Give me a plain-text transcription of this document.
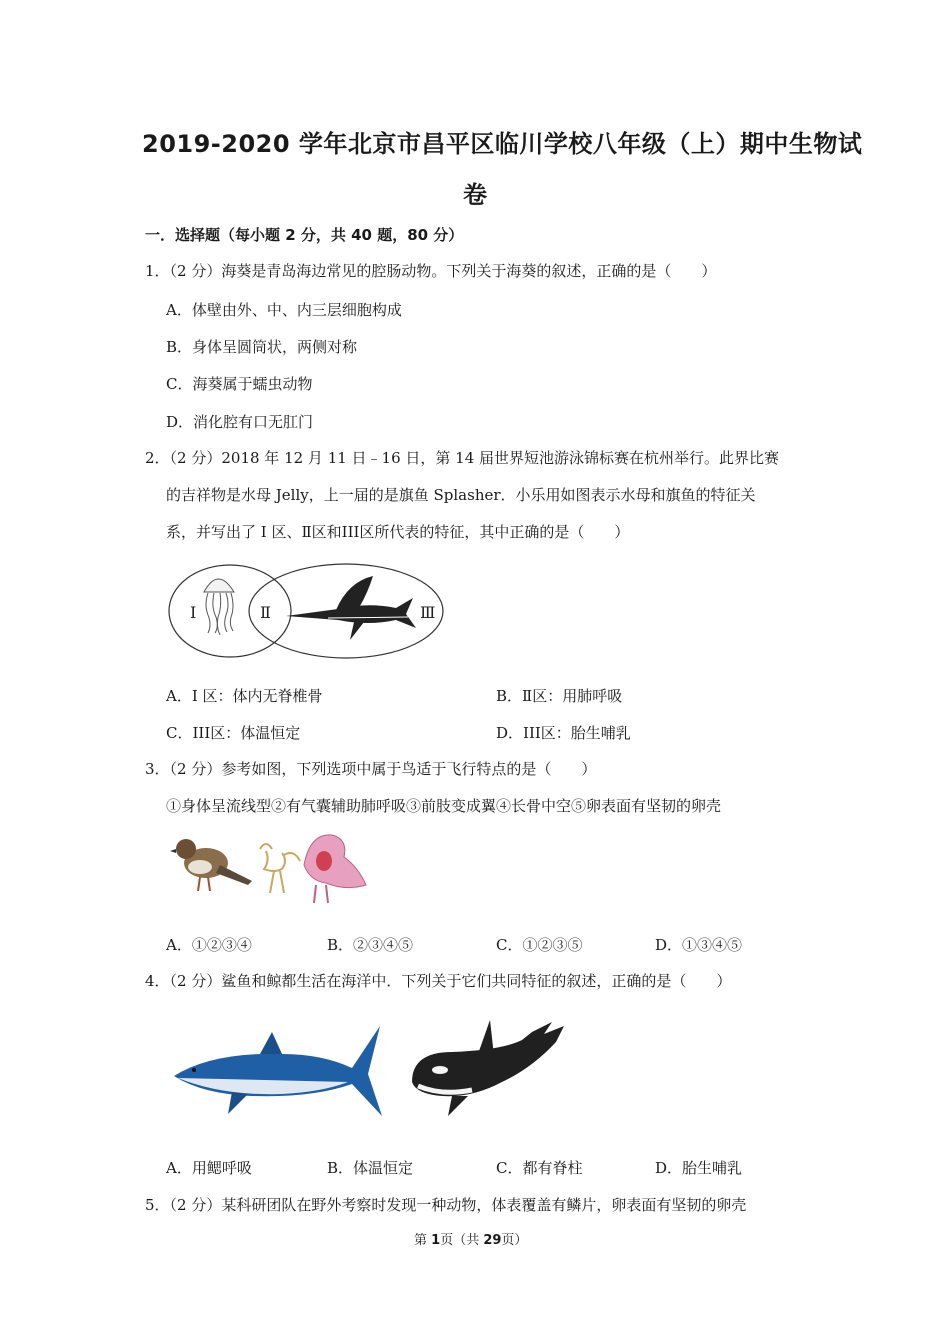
2019-2020 学年北京市昌平区临川学校八年级（上）期中生物试
卷
一．选择题（每小题 2 分，共 40 题，80 分）
1．（2 分）海葵是青岛海边常见的腔肠动物。下列关于海葵的叙述，正确的是（　　）
A．体壁由外、中、内三层细胞构成
B．身体呈圆筒状，两侧对称
C．海葵属于蠕虫动物
D．消化腔有口无肛门
2．（2 分）2018 年 12 月 11 日﹣16 日，第 14 届世界短池游泳锦标赛在杭州举行。此界比赛
的吉祥物是水母 Jelly，上一届的是旗鱼 Splasher．小乐用如图表示水母和旗鱼的特征关
系，并写出了 I 区、Ⅱ区和III区所代表的特征，其中正确的是（　　）
I	Ⅱ	Ⅲ
A．I 区：体内无脊椎骨	B．Ⅱ区：用肺呼吸
C．III区：体温恒定	D．III区：胎生哺乳
3．（2 分）参考如图，下列选项中属于鸟适于飞行特点的是（　　）
①身体呈流线型②有气囊辅助肺呼吸③前肢变成翼④长骨中空⑤卵表面有坚韧的卵壳
A．①②③④	B．②③④⑤	C．①②③⑤	D．①③④⑤
4．（2 分）鲨鱼和鲸都生活在海洋中．下列关于它们共同特征的叙述，正确的是（　　）
A．用鳃呼吸	B．体温恒定	C．都有脊柱	D．胎生哺乳
5．（2 分）某科研团队在野外考察时发现一种动物，体表覆盖有鳞片，卵表面有坚韧的卵壳
第 1页（共 29页）
